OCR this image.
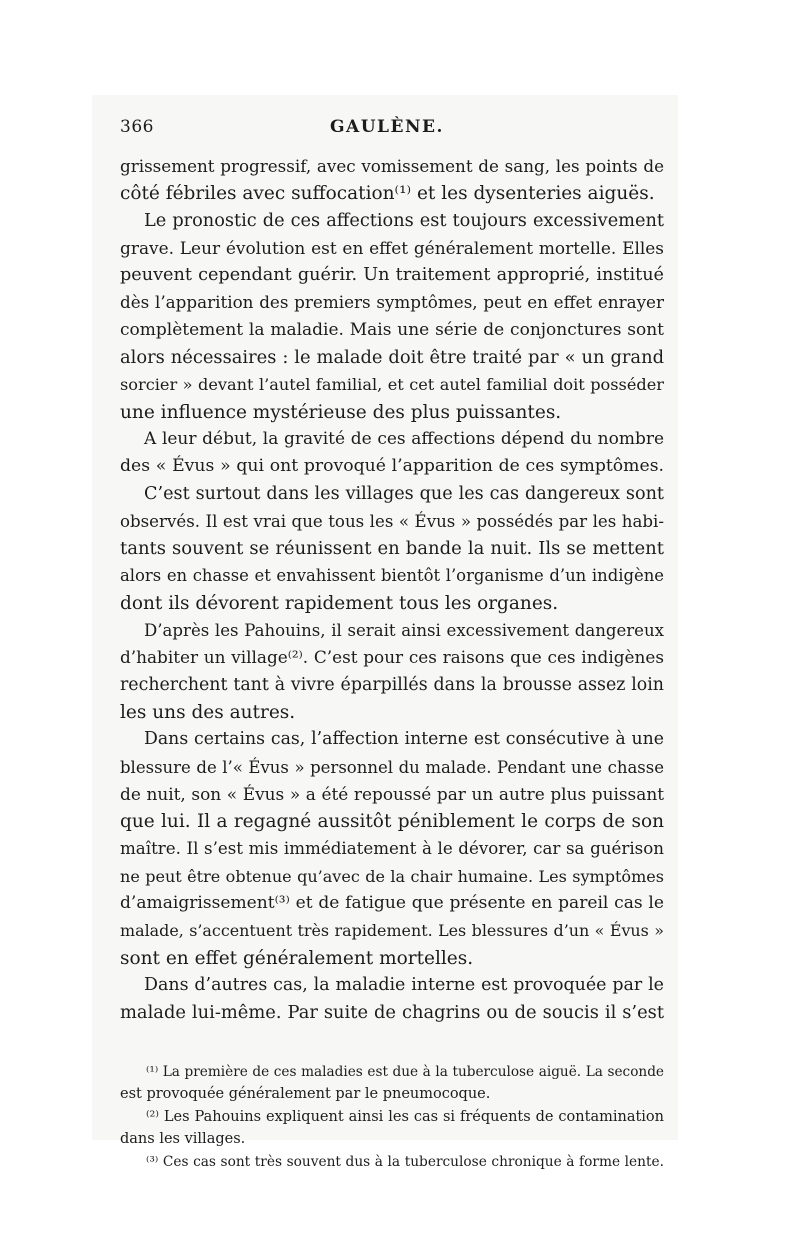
366	GAULÈNE.

grissement progressif, avec vomissement de sang, les points de
côté fébriles avec suffocation⁽¹⁾ et les dysenteries aiguës.

Le pronostic de ces affections est toujours excessivement
grave. Leur évolution est en effet généralement mortelle. Elles
peuvent cependant guérir. Un traitement approprié, institué
dès l’apparition des premiers symptômes, peut en effet enrayer
complètement la maladie. Mais une série de conjonctures sont
alors nécessaires : le malade doit être traité par « un grand
sorcier » devant l’autel familial, et cet autel familial doit posséder
une influence mystérieuse des plus puissantes.

A leur début, la gravité de ces affections dépend du nombre
des « Évus » qui ont provoqué l’apparition de ces symptômes.

C’est surtout dans les villages que les cas dangereux sont
observés. Il est vrai que tous les « Évus » possédés par les habi-
tants souvent se réunissent en bande la nuit. Ils se mettent
alors en chasse et envahissent bientôt l’organisme d’un indigène
dont ils dévorent rapidement tous les organes.

D’après les Pahouins, il serait ainsi excessivement dangereux
d’habiter un village⁽²⁾. C’est pour ces raisons que ces indigènes
recherchent tant à vivre éparpillés dans la brousse assez loin
les uns des autres.

Dans certains cas, l’affection interne est consécutive à une
blessure de l’« Évus » personnel du malade. Pendant une chasse
de nuit, son « Évus » a été repoussé par un autre plus puissant
que lui. Il a regagné aussitôt péniblement le corps de son
maître. Il s’est mis immédiatement à le dévorer, car sa guérison
ne peut être obtenue qu’avec de la chair humaine. Les symptômes
d’amaigrissement⁽³⁾ et de fatigue que présente en pareil cas le
malade, s’accentuent très rapidement. Les blessures d’un « Évus »
sont en effet généralement mortelles.

Dans d’autres cas, la maladie interne est provoquée par le
malade lui-même. Par suite de chagrins ou de soucis il s’est

⁽¹⁾ La première de ces maladies est due à la tuberculose aiguë. La seconde
est provoquée généralement par le pneumocoque.

⁽²⁾ Les Pahouins expliquent ainsi les cas si fréquents de contamination
dans les villages.

⁽³⁾ Ces cas sont très souvent dus à la tuberculose chronique à forme lente.
